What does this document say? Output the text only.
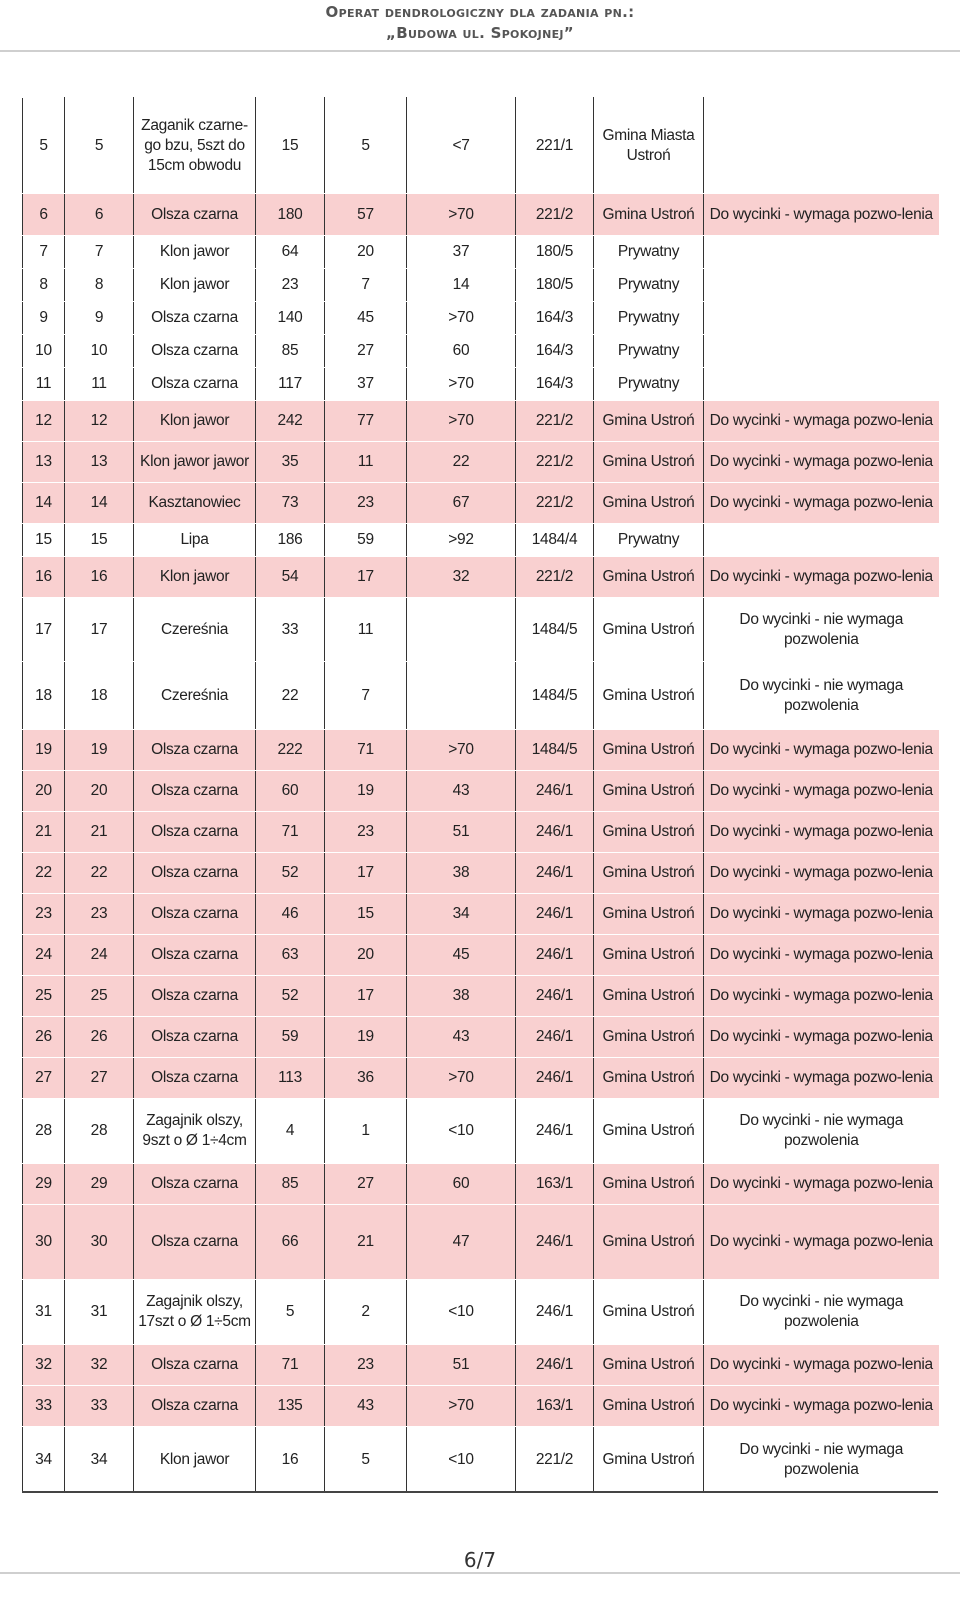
Operat dendrologiczny dla zadania pn.:
„Budowa ul. Spokojnej”
5	5	Zaganik czarne-go bzu, 5szt do 15cm obwodu	15	5	<7	221/1	Gmina Miasta Ustroń	
6	6	Olsza czarna	180	57	>70	221/2	Gmina Ustroń	Do wycinki - wymaga pozwo-lenia
7	7	Klon jawor	64	20	37	180/5	Prywatny	
8	8	Klon jawor	23	7	14	180/5	Prywatny	
9	9	Olsza czarna	140	45	>70	164/3	Prywatny	
10	10	Olsza czarna	85	27	60	164/3	Prywatny	
11	11	Olsza czarna	117	37	>70	164/3	Prywatny	
12	12	Klon jawor	242	77	>70	221/2	Gmina Ustroń	Do wycinki - wymaga pozwo-lenia
13	13	Klon jawor jawor	35	11	22	221/2	Gmina Ustroń	Do wycinki - wymaga pozwo-lenia
14	14	Kasztanowiec	73	23	67	221/2	Gmina Ustroń	Do wycinki - wymaga pozwo-lenia
15	15	Lipa	186	59	>92	1484/4	Prywatny	
16	16	Klon jawor	54	17	32	221/2	Gmina Ustroń	Do wycinki - wymaga pozwo-lenia
17	17	Czereśnia	33	11		1484/5	Gmina Ustroń	Do wycinki - nie wymaga pozwolenia
18	18	Czereśnia	22	7		1484/5	Gmina Ustroń	Do wycinki - nie wymaga pozwolenia
19	19	Olsza czarna	222	71	>70	1484/5	Gmina Ustroń	Do wycinki - wymaga pozwo-lenia
20	20	Olsza czarna	60	19	43	246/1	Gmina Ustroń	Do wycinki - wymaga pozwo-lenia
21	21	Olsza czarna	71	23	51	246/1	Gmina Ustroń	Do wycinki - wymaga pozwo-lenia
22	22	Olsza czarna	52	17	38	246/1	Gmina Ustroń	Do wycinki - wymaga pozwo-lenia
23	23	Olsza czarna	46	15	34	246/1	Gmina Ustroń	Do wycinki - wymaga pozwo-lenia
24	24	Olsza czarna	63	20	45	246/1	Gmina Ustroń	Do wycinki - wymaga pozwo-lenia
25	25	Olsza czarna	52	17	38	246/1	Gmina Ustroń	Do wycinki - wymaga pozwo-lenia
26	26	Olsza czarna	59	19	43	246/1	Gmina Ustroń	Do wycinki - wymaga pozwo-lenia
27	27	Olsza czarna	113	36	>70	246/1	Gmina Ustroń	Do wycinki - wymaga pozwo-lenia
28	28	Zagajnik olszy, 9szt o Ø 1÷4cm	4	1	<10	246/1	Gmina Ustroń	Do wycinki - nie wymaga pozwolenia
29	29	Olsza czarna	85	27	60	163/1	Gmina Ustroń	Do wycinki - wymaga pozwo-lenia
30	30	Olsza czarna	66	21	47	246/1	Gmina Ustroń	Do wycinki - wymaga pozwo-lenia
31	31	Zagajnik olszy, 17szt o Ø 1÷5cm	5	2	<10	246/1	Gmina Ustroń	Do wycinki - nie wymaga pozwolenia
32	32	Olsza czarna	71	23	51	246/1	Gmina Ustroń	Do wycinki - wymaga pozwo-lenia
33	33	Olsza czarna	135	43	>70	163/1	Gmina Ustroń	Do wycinki - wymaga pozwo-lenia
34	34	Klon jawor	16	5	<10	221/2	Gmina Ustroń	Do wycinki - nie wymaga pozwolenia
6/7
